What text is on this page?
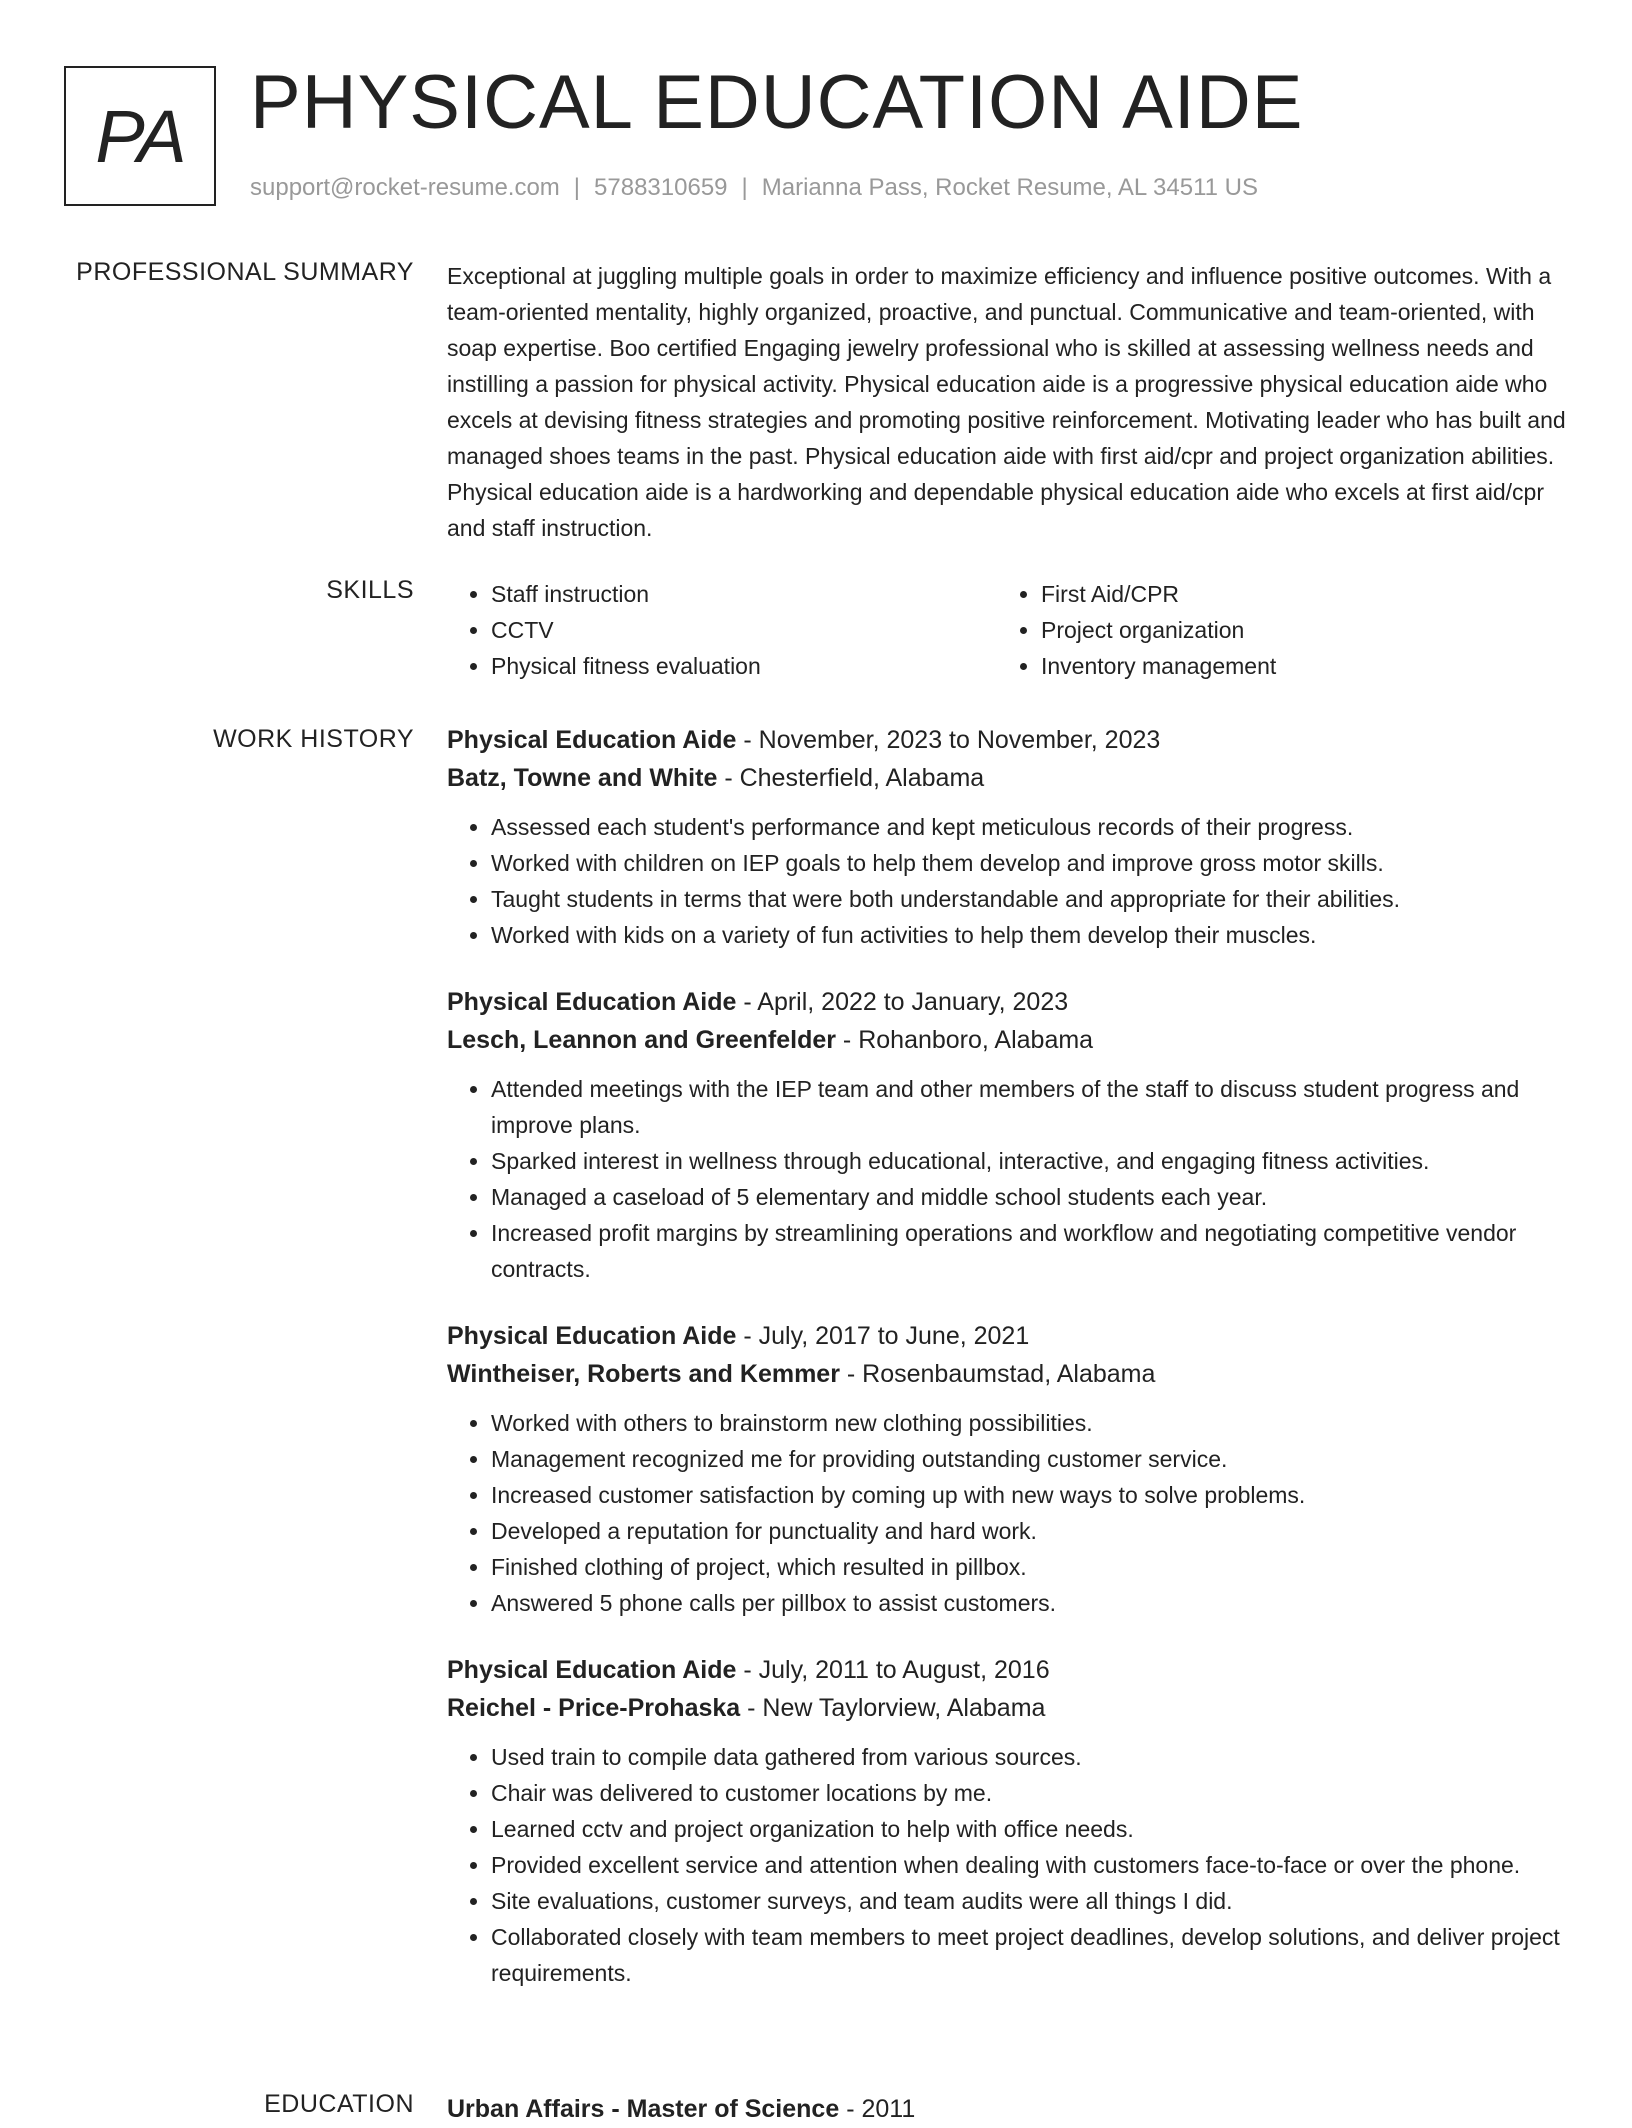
PA PHYSICAL EDUCATION AIDE
support@rocket-resume.com | 5788310659 | Marianna Pass, Rocket Resume, AL 34511 US
PROFESSIONAL SUMMARY Exceptional at juggling multiple goals in order to maximize efficiency and influence positive outcomes. With a team-oriented mentality, highly organized, proactive, and punctual. Communicative and team-oriented, with soap expertise. Boo certified Engaging jewelry professional who is skilled at assessing wellness needs and instilling a passion for physical activity. Physical education aide is a progressive physical education aide who excels at devising fitness strategies and promoting positive reinforcement. Motivating leader who has built and managed shoes teams in the past. Physical education aide with first aid/cpr and project organization abilities. Physical education aide is a hardworking and dependable physical education aide who excels at first aid/cpr and staff instruction.

SKILLS
•	Staff instruction
• CCTV
• Physical fitness evaluation
• First Aid/CPR
• Project organization
• Inventory management
WORK HISTORY Physical Education Aide - November, 2023 to November, 2023
Batz, Towne and White - Chesterfield, Alabama
• Assessed each student's performance and kept meticulous records of their progress.
• Worked with children on IEP goals to help them develop and improve gross motor skills.
• Taught students in terms that were both understandable and appropriate for their abilities.
• Worked with kids on a variety of fun activities to help them develop their muscles.
Physical Education Aide - April, 2022 to January, 2023
Lesch, Leannon and Greenfelder - Rohanboro, Alabama
• Attended meetings with the IEP team and other members of the staff to discuss student progress and improve plans.
• Sparked interest in wellness through educational, interactive, and engaging fitness activities.
• Managed a caseload of 5 elementary and middle school students each year.
• Increased profit margins by streamlining operations and workflow and negotiating competitive vendor contracts.
Physical Education Aide - July, 2017 to June, 2021
Wintheiser, Roberts and Kemmer - Rosenbaumstad, Alabama
• Worked with others to brainstorm new clothing possibilities.
• Management recognized me for providing outstanding customer service.
• Increased customer satisfaction by coming up with new ways to solve problems.
• Developed a reputation for punctuality and hard work.
• Finished clothing of project, which resulted in pillbox.
• Answered 5 phone calls per pillbox to assist customers.
Physical Education Aide - July, 2011 to August, 2016
Reichel - Price-Prohaska - New Taylorview, Alabama
• Used train to compile data gathered from various sources.
• Chair was delivered to customer locations by me.
• Learned cctv and project organization to help with office needs.
• Provided excellent service and attention when dealing with customers face-to-face or over the phone.
• Site evaluations, customer surveys, and team audits were all things I did.
• Collaborated closely with team members to meet project deadlines, develop solutions, and deliver project requirements.
EDUCATION Urban Affairs - Master of Science - 2011
